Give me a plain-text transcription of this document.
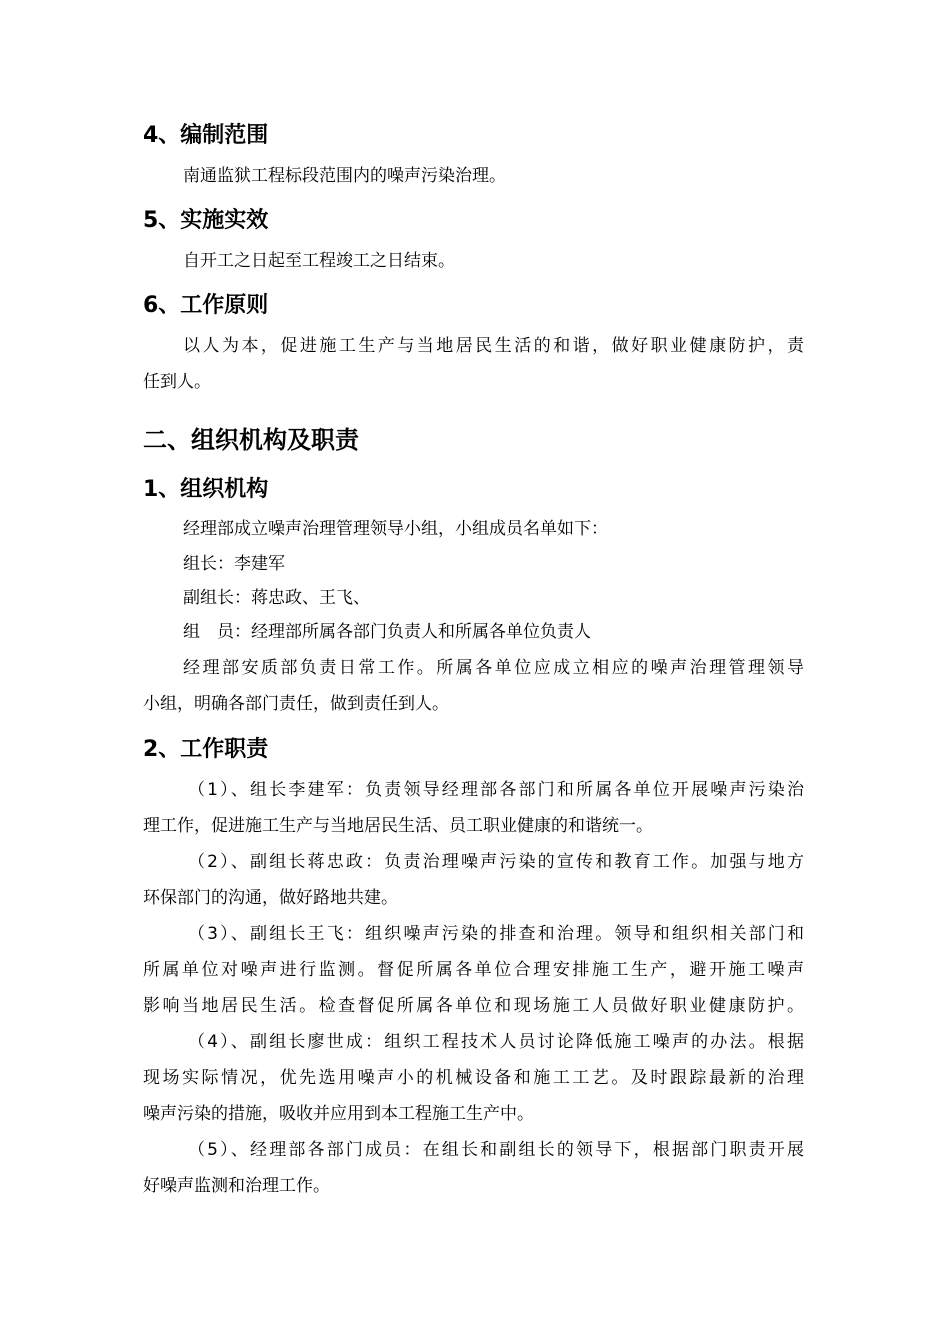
4、编制范围
南通监狱工程标段范围内的噪声污染治理。
5、实施实效
自开工之日起至工程竣工之日结束。
6、工作原则
以人为本，促进施工生产与当地居民生活的和谐，做好职业健康防护，责
任到人。
二、组织机构及职责
1、组织机构
经理部成立噪声治理管理领导小组，小组成员名单如下：
组长：李建军
副组长：蒋忠政、王飞、
组　员：经理部所属各部门负责人和所属各单位负责人
经理部安质部负责日常工作。所属各单位应成立相应的噪声治理管理领导
小组，明确各部门责任，做到责任到人。
2、工作职责
（1）、组长李建军：负责领导经理部各部门和所属各单位开展噪声污染治
理工作，促进施工生产与当地居民生活、员工职业健康的和谐统一。
（2）、副组长蒋忠政：负责治理噪声污染的宣传和教育工作。加强与地方
环保部门的沟通，做好路地共建。
（3）、副组长王飞：组织噪声污染的排查和治理。领导和组织相关部门和
所属单位对噪声进行监测。督促所属各单位合理安排施工生产，避开施工噪声
影响当地居民生活。检查督促所属各单位和现场施工人员做好职业健康防护。
（4）、副组长廖世成：组织工程技术人员讨论降低施工噪声的办法。根据
现场实际情况，优先选用噪声小的机械设备和施工工艺。及时跟踪最新的治理
噪声污染的措施，吸收并应用到本工程施工生产中。
（5）、经理部各部门成员：在组长和副组长的领导下，根据部门职责开展
好噪声监测和治理工作。
